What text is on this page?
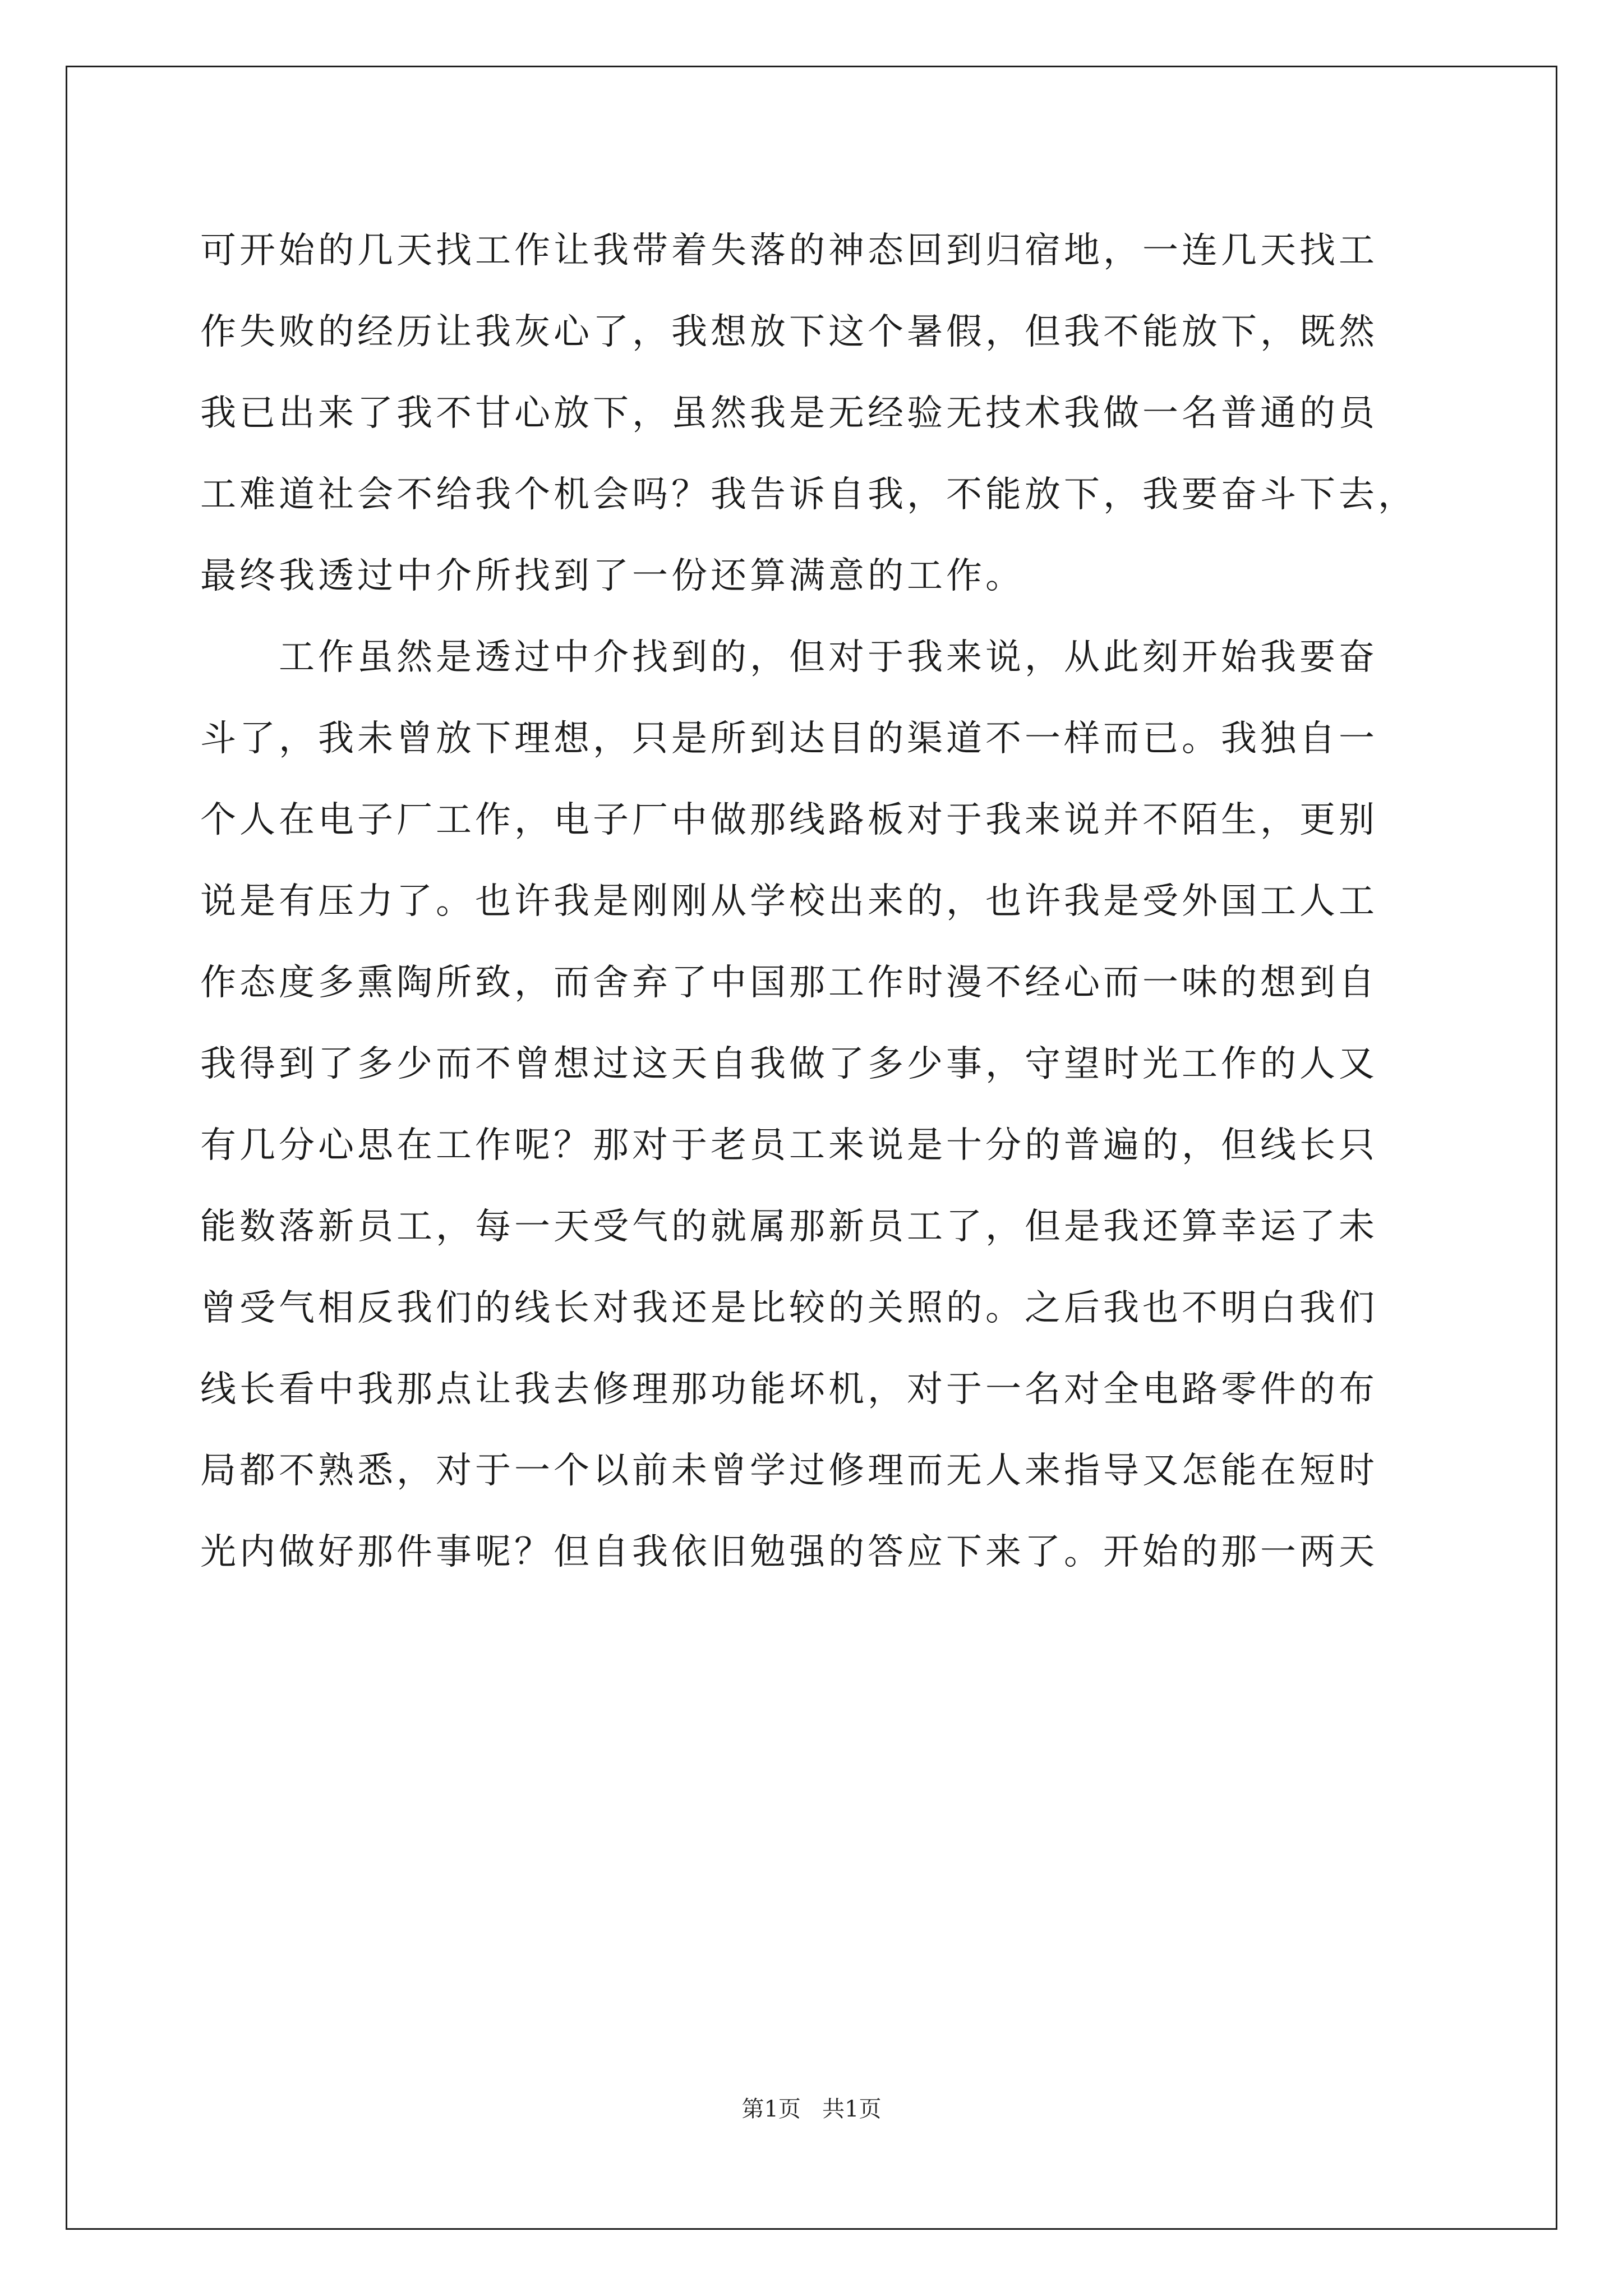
可开始的几天找工作让我带着失落的神态回到归宿地，一连几天找工
作失败的经历让我灰心了，我想放下这个暑假，但我不能放下，既然
我已出来了我不甘心放下，虽然我是无经验无技术我做一名普通的员
工难道社会不给我个机会吗？我告诉自我，不能放下，我要奋斗下去，
最终我透过中介所找到了一份还算满意的工作。
　　工作虽然是透过中介找到的，但对于我来说，从此刻开始我要奋
斗了，我未曾放下理想，只是所到达目的渠道不一样而已。我独自一
个人在电子厂工作，电子厂中做那线路板对于我来说并不陌生，更别
说是有压力了。也许我是刚刚从学校出来的，也许我是受外国工人工
作态度多熏陶所致，而舍弃了中国那工作时漫不经心而一味的想到自
我得到了多少而不曾想过这天自我做了多少事，守望时光工作的人又
有几分心思在工作呢？那对于老员工来说是十分的普遍的，但线长只
能数落新员工，每一天受气的就属那新员工了，但是我还算幸运了未
曾受气相反我们的线长对我还是比较的关照的。之后我也不明白我们
线长看中我那点让我去修理那功能坏机，对于一名对全电路零件的布
局都不熟悉，对于一个以前未曾学过修理而无人来指导又怎能在短时
光内做好那件事呢？但自我依旧勉强的答应下来了。开始的那一两天
第1页   共1页
